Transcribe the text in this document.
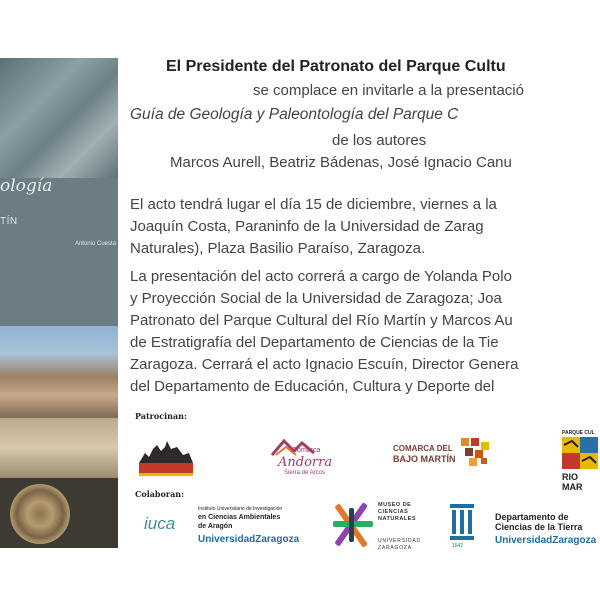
ología
TÍN
Antonio Cuesta
El Presidente del Patronato del Parque Cultu
se complace en invitarle a la presentació
Guía de Geología y Paleontología del Parque C
de los autores
Marcos Aurell, Beatriz Bádenas, José Ignacio Canu
El acto tendrá lugar el día 15 de diciembre, viernes a la
Joaquín Costa, Paraninfo de la Universidad de Zarag
Naturales), Plaza Basilio Paraíso, Zaragoza.
La presentación del acto correrá a cargo de Yolanda Polo
y Proyección Social de la Universidad de Zaragoza; Joa
Patronato del Parque Cultural del Río Martín y Marcos Au
de Estratigrafía del Departamento de Ciencias de la Tie
Zaragoza. Cerrará el acto Ignacio Escuín, Director Genera
del Departamento de Educación, Cultura y Deporte del
Patrocinan:
Comarca
Andorra
Sierra de Arcos
COMARCA DEL
BAJO MARTÍN
PARQUE CUL
RIO MAR
Colaboran:
iuca
Instituto Universitario de Investigación
en Ciencias Ambientales
de Aragón
UniversidadZaragoza
MUSEO DE
CIENCIAS
NATURALES
UNIVERSIDAD
ZARAGOZA	1542
Departamento de
Ciencias de la Tierra
UniversidadZaragoza
